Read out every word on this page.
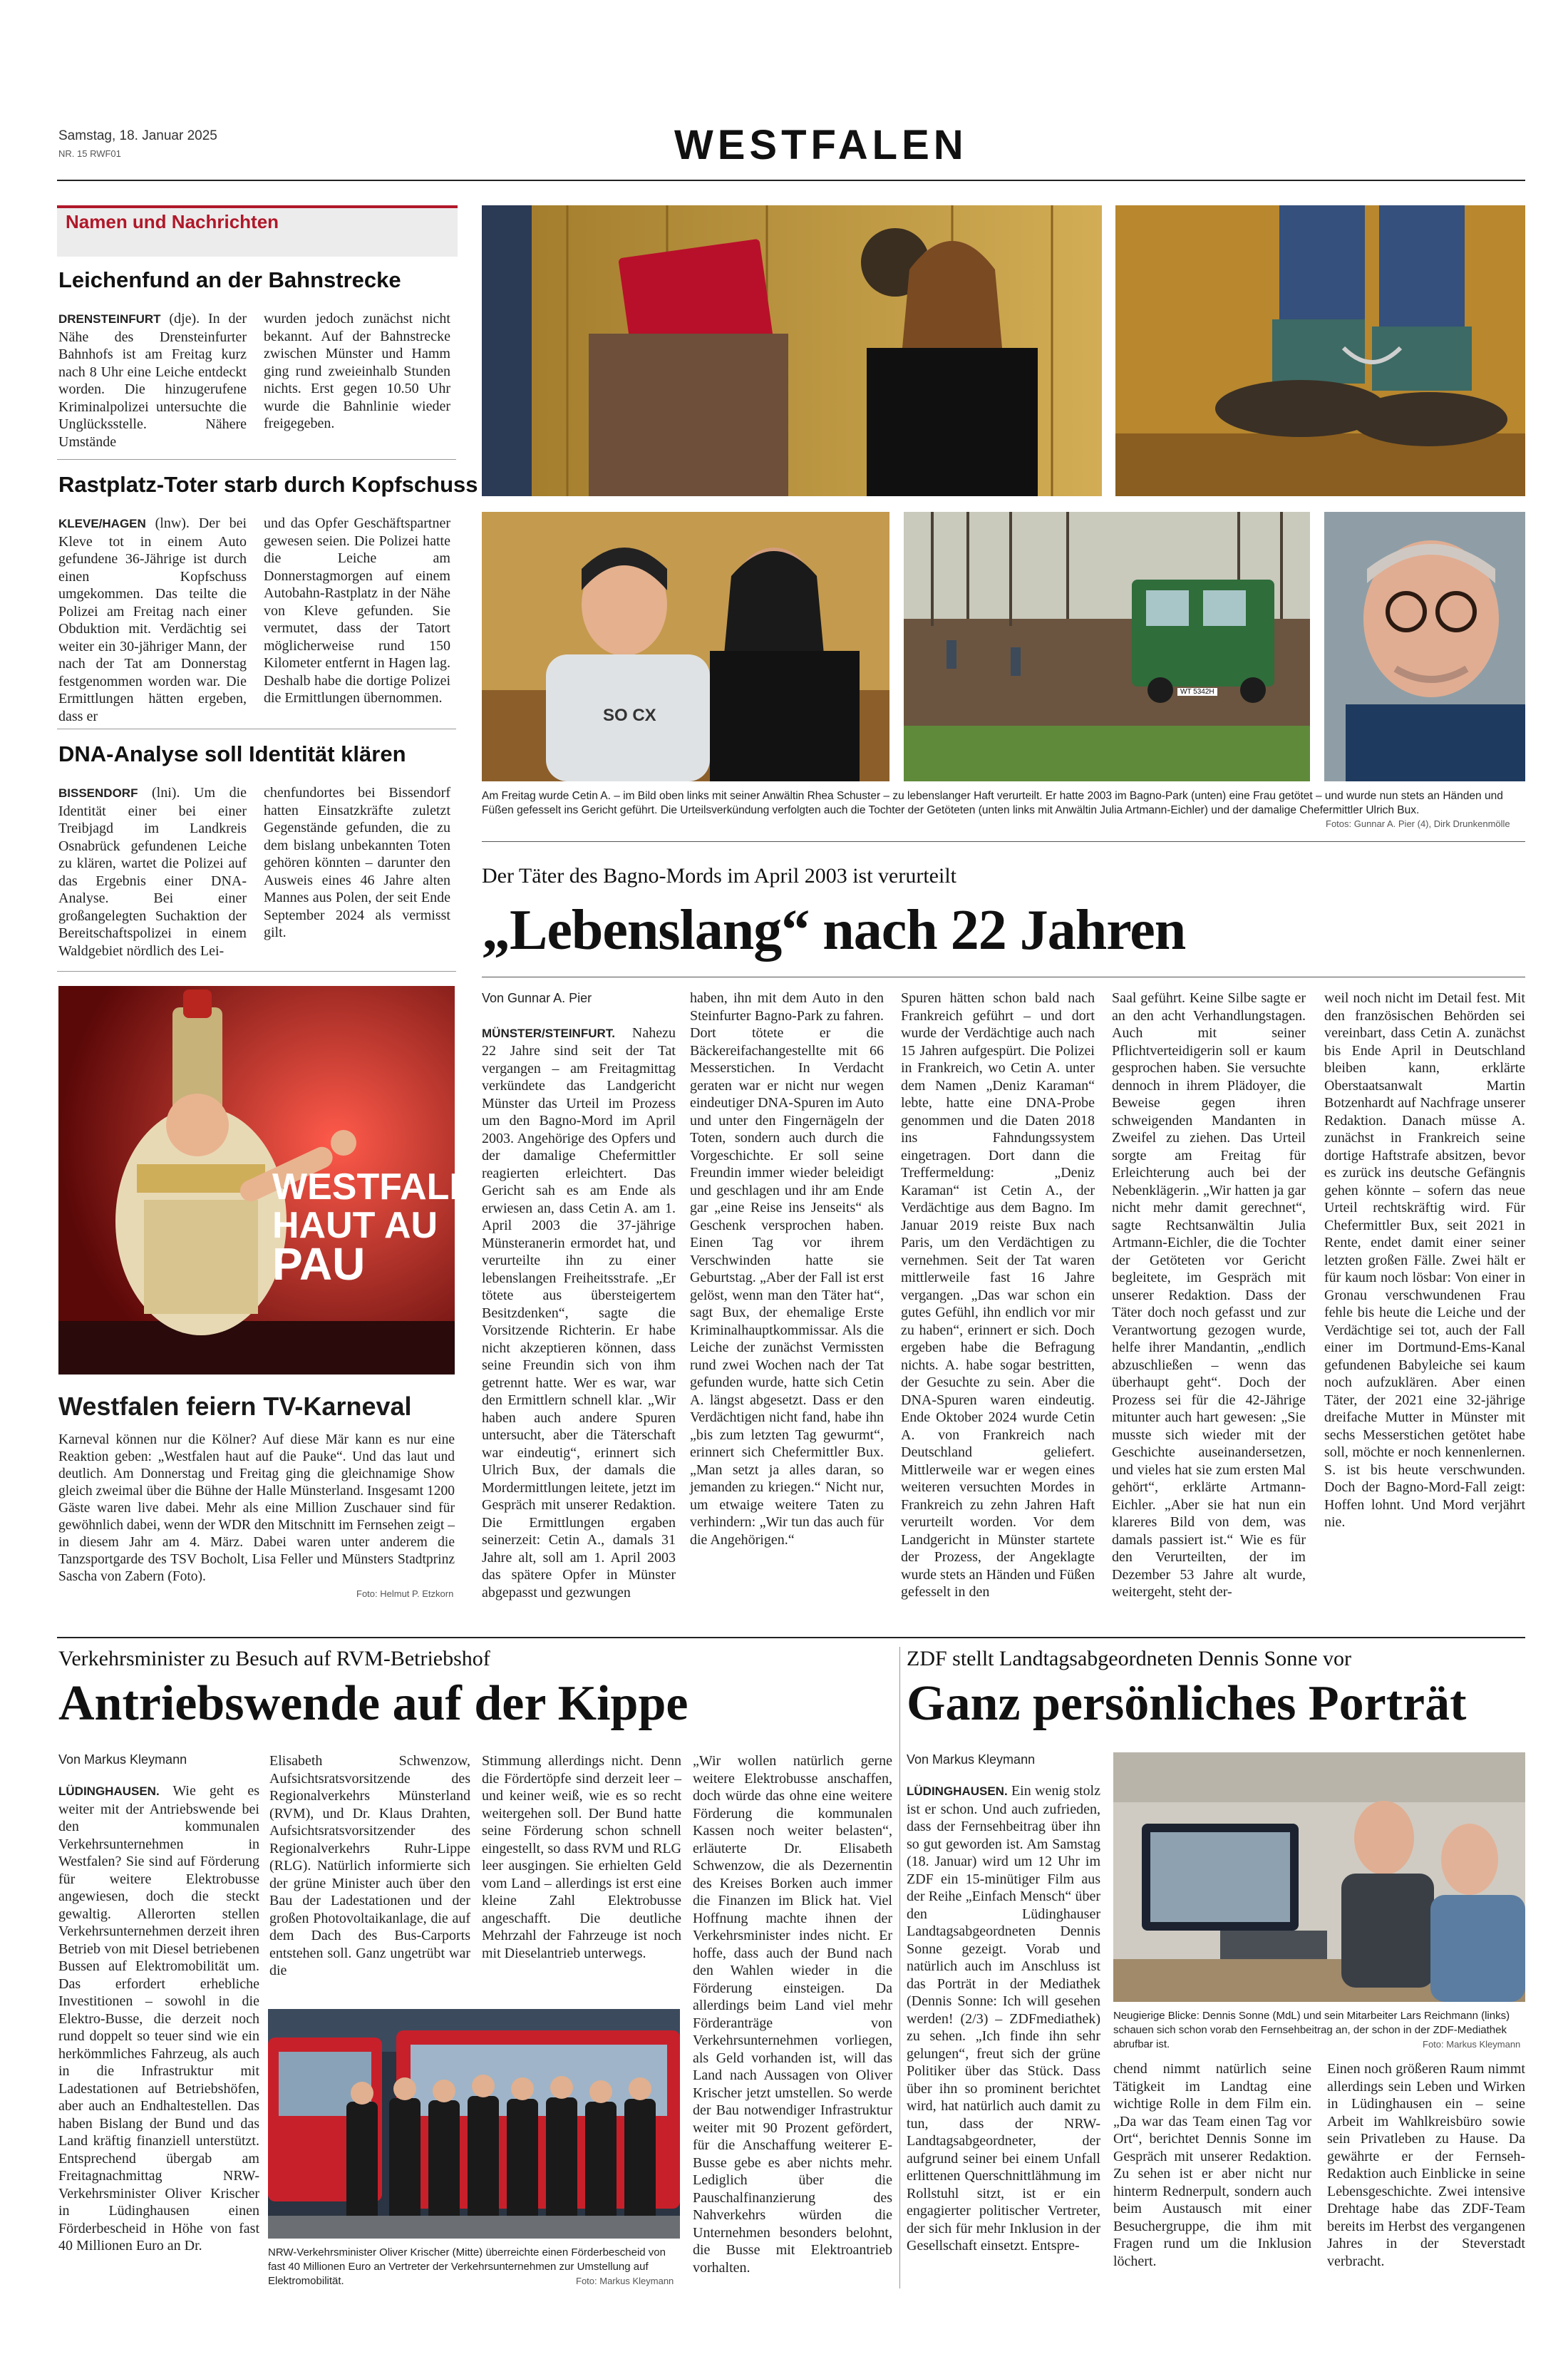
Samstag, 18. Januar 2025
NR. 15 RWF01	WESTFALEN
Namen und Nachrichten
Leichenfund an der Bahnstrecke
DRENSTEINFURT (dje). In der Nähe des Drensteinfurter Bahnhofs ist am Freitag kurz nach 8 Uhr eine Leiche entdeckt worden. Die hinzugerufene Kriminalpolizei untersuchte die Unglücksstelle. Nähere Umstände
wurden jedoch zunächst nicht bekannt. Auf der Bahnstrecke zwischen Münster und Hamm ging rund zweieinhalb Stunden nichts. Erst gegen 10.50 Uhr wurde die Bahnlinie wieder freigegeben.
Rastplatz-Toter starb durch Kopfschuss
KLEVE/HAGEN (lnw). Der bei Kleve tot in einem Auto gefundene 36-Jährige ist durch einen Kopfschuss umgekommen. Das teilte die Polizei am Freitag nach einer Obduktion mit. Verdächtig sei weiter ein 30-jähriger Mann, der nach der Tat am Donnerstag festgenommen worden war. Die Ermittlungen hätten ergeben, dass er
und das Opfer Geschäftspartner gewesen seien. Die Polizei hatte die Leiche am Donnerstagmorgen auf einem Autobahn-Rastplatz in der Nähe von Kleve gefunden. Sie vermutet, dass der Tatort möglicherweise rund 150 Kilometer entfernt in Hagen lag. Deshalb habe die dortige Polizei die Ermittlungen übernommen.
DNA-Analyse soll Identität klären
BISSENDORF (lni). Um die Identität einer bei einer Treibjagd im Landkreis Osnabrück gefundenen Leiche zu klären, wartet die Polizei auf das Ergebnis einer DNA-Analyse. Bei einer großangelegten Suchaktion der Bereitschaftspolizei in einem Waldgebiet nördlich des Lei-
chenfundortes bei Bissendorf hatten Einsatzkräfte zuletzt Gegenstände gefunden, die zu dem bislang unbekannten Toten gehören könnten – darunter den Ausweis eines 46 Jahre alten Mannes aus Polen, der seit Ende September 2024 als vermisst gilt.
WESTFALEN
HAUT AU
PAU
Westfalen feiern TV-Karneval
Karneval können nur die Kölner? Auf diese Mär kann es nur eine Reaktion geben: „Westfalen haut auf die Pauke“. Und das laut und deutlich. Am Donnerstag und Freitag ging die gleichnamige Show gleich zweimal über die Bühne der Halle Münsterland. Insgesamt 1200 Gäste waren live dabei. Mehr als eine Million Zuschauer sind für gewöhnlich dabei, wenn der WDR den Mitschnitt im Fernsehen zeigt – in diesem Jahr am 4. März. Dabei waren unter anderem die Tanzsportgarde des TSV Bocholt, Lisa Feller und Münsters Stadtprinz Sascha von Zabern (Foto).
Foto: Helmut P. Etzkorn
SO CX
WT 5342H
Am Freitag wurde Cetin A. – im Bild oben links mit seiner Anwältin Rhea Schuster – zu lebenslanger Haft verurteilt. Er hatte 2003 im Bagno-Park (unten) eine Frau getötet – und wurde nun stets an Händen und Füßen gefesselt ins Gericht geführt. Die Urteilsverkündung verfolgten auch die Tochter der Getöteten (unten links mit Anwältin Julia Artmann-Eichler) und der damalige Chefermittler Ulrich Bux.
Fotos: Gunnar A. Pier (4), Dirk Drunkenmölle
Der Täter des Bagno-Mords im April 2003 ist verurteilt
„Lebenslang“ nach 22 Jahren
Von Gunnar A. Pier
MÜNSTER/STEINFURT. Nahezu 22 Jahre sind seit der Tat vergangen – am Freitagmittag verkündete das Landgericht Münster das Urteil im Prozess um den Bagno-Mord im April 2003. Angehörige des Opfers und der damalige Chefermittler reagierten erleichtert. Das Gericht sah es am Ende als erwiesen an, dass Cetin A. am 1. April 2003 die 37-jährige Münsteranerin ermordet hat, und verurteilte ihn zu einer lebenslangen Freiheitsstrafe. „Er tötete aus übersteigertem Besitzdenken“, sagte die Vorsitzende Richterin. Er habe nicht akzeptieren können, dass seine Freundin sich von ihm getrennt hatte. Wer es war, war den Ermittlern schnell klar. „Wir haben auch andere Spuren untersucht, aber die Täterschaft war eindeutig“, erinnert sich Ulrich Bux, der damals die Mordermittlungen leitete, jetzt im Gespräch mit unserer Redaktion. Die Ermittlungen ergaben seinerzeit: Cetin A., damals 31 Jahre alt, soll am 1. April 2003 das spätere Opfer in Münster abgepasst und gezwungen
haben, ihn mit dem Auto in den Steinfurter Bagno-Park zu fahren. Dort tötete er die Bäckereifachangestellte mit 66 Messerstichen. In Verdacht geraten war er nicht nur wegen eindeutiger DNA-Spuren im Auto und unter den Fingernägeln der Toten, sondern auch durch die Vorgeschichte. Er soll seine Freundin immer wieder beleidigt und geschlagen und ihr am Ende gar „eine Reise ins Jenseits“ als Geschenk versprochen haben. Einen Tag vor ihrem Verschwinden hatte sie Geburtstag. „Aber der Fall ist erst gelöst, wenn man den Täter hat“, sagt Bux, der ehemalige Erste Kriminalhauptkommissar. Als die Leiche der zunächst Vermissten rund zwei Wochen nach der Tat gefunden wurde, hatte sich Cetin A. längst abgesetzt. Dass er den Verdächtigen nicht fand, habe ihn „bis zum letzten Tag gewurmt“, erinnert sich Chefermittler Bux. „Man setzt ja alles daran, so jemanden zu kriegen.“ Nicht nur, um etwaige weitere Taten zu verhindern: „Wir tun das auch für die Angehörigen.“
Spuren hätten schon bald nach Frankreich geführt – und dort wurde der Verdächtige auch nach 15 Jahren aufgespürt. Die Polizei in Frankreich, wo Cetin A. unter dem Namen „Deniz Karaman“ lebte, hatte eine DNA-Probe genommen und die Daten 2018 ins Fahndungssystem eingetragen. Dort dann die Treffermeldung: „Deniz Karaman“ ist Cetin A., der Verdächtige aus dem Bagno. Im Januar 2019 reiste Bux nach Paris, um den Verdächtigen zu vernehmen. Seit der Tat waren mittlerweile fast 16 Jahre vergangen. „Das war schon ein gutes Gefühl, ihn endlich vor mir zu haben“, erinnert er sich. Doch ergeben habe die Befragung nichts. A. habe sogar bestritten, der Gesuchte zu sein. Aber die DNA-Spuren waren eindeutig. Ende Oktober 2024 wurde Cetin A. von Frankreich nach Deutschland geliefert. Mittlerweile war er wegen eines weiteren versuchten Mordes in Frankreich zu zehn Jahren Haft verurteilt worden. Vor dem Landgericht in Münster startete der Prozess, der Angeklagte wurde stets an Händen und Füßen gefesselt in den
Saal geführt. Keine Silbe sagte er an den acht Verhandlungstagen. Auch mit seiner Pflichtverteidigerin soll er kaum gesprochen haben. Sie versuchte dennoch in ihrem Plädoyer, die Beweise gegen ihren schweigenden Mandanten in Zweifel zu ziehen. Das Urteil sorgte am Freitag für Erleichterung auch bei der Nebenklägerin. „Wir hatten ja gar nicht mehr damit gerechnet“, sagte Rechtsanwältin Julia Artmann-Eichler, die die Tochter der Getöteten vor Gericht begleitete, im Gespräch mit unserer Redaktion. Dass der Täter doch noch gefasst und zur Verantwortung gezogen wurde, helfe ihrer Mandantin, „endlich abzuschließen – wenn das überhaupt geht“. Doch der Prozess sei für die 42-Jährige mitunter auch hart gewesen: „Sie musste sich wieder mit der Geschichte auseinandersetzen, und vieles hat sie zum ersten Mal gehört“, erklärte Artmann-Eichler. „Aber sie hat nun ein klareres Bild von dem, was damals passiert ist.“ Wie es für den Verurteilten, der im Dezember 53 Jahre alt wurde, weitergeht, steht der-
weil noch nicht im Detail fest. Mit den französischen Behörden sei vereinbart, dass Cetin A. zunächst bis Ende April in Deutschland bleiben kann, erklärte Oberstaatsanwalt Martin Botzenhardt auf Nachfrage unserer Redaktion. Danach müsse A. zunächst in Frankreich seine dortige Haftstrafe absitzen, bevor es zurück ins deutsche Gefängnis gehen könnte – sofern das neue Urteil rechtskräftig wird. Für Chefermittler Bux, seit 2021 in Rente, endet damit einer seiner letzten großen Fälle. Zwei hält er für kaum noch lösbar: Von einer in Gronau verschwundenen Frau fehle bis heute die Leiche und der Verdächtige sei tot, auch der Fall einer im Dortmund-Ems-Kanal gefundenen Babyleiche sei kaum noch aufzuklären. Aber einen Täter, der 2021 eine 32-jährige dreifache Mutter in Münster mit sechs Messerstichen getötet habe soll, möchte er noch kennenlernen. S. ist bis heute verschwunden. Doch der Bagno-Mord-Fall zeigt: Hoffen lohnt. Und Mord verjährt nie.
Verkehrsminister zu Besuch auf RVM-Betriebshof
Antriebswende auf der Kippe
Von Markus Kleymann
LÜDINGHAUSEN. Wie geht es weiter mit der Antriebswende bei den kommunalen Verkehrsunternehmen in Westfalen? Sie sind auf Förderung für weitere Elektrobusse angewiesen, doch die steckt gewaltig. Allerorten stellen Verkehrsunternehmen derzeit ihren Betrieb von mit Diesel betriebenen Bussen auf Elektromobilität um. Das erfordert erhebliche Investitionen – sowohl in die Elektro-Busse, die derzeit noch rund doppelt so teuer sind wie ein herkömmliches Fahrzeug, als auch in die Infrastruktur mit Ladestationen auf Betriebshöfen, aber auch an Endhaltestellen. Das haben Bislang der Bund und das Land kräftig finanziell unterstützt. Entsprechend übergab am Freitagnachmittag NRW-Verkehrsminister Oliver Krischer in Lüdinghausen einen Förderbescheid in Höhe von fast 40 Millionen Euro an Dr.
Elisabeth Schwenzow, Aufsichtsratsvorsitzende des Regionalverkehrs Münsterland (RVM), und Dr. Klaus Drahten, Aufsichtsratsvorsitzender des Regionalverkehrs Ruhr-Lippe (RLG). Natürlich informierte sich der grüne Minister auch über den Bau der Ladestationen und der großen Photovoltaikanlage, die auf dem Dach des Bus-Carports entstehen soll. Ganz ungetrübt war die
Stimmung allerdings nicht. Denn die Fördertöpfe sind derzeit leer – und keiner weiß, wie es so recht weitergehen soll. Der Bund hatte seine Förderung schon schnell eingestellt, so dass RVM und RLG leer ausgingen. Sie erhielten Geld vom Land – allerdings ist erst eine kleine Zahl Elektrobusse angeschafft. Die deutliche Mehrzahl der Fahrzeuge ist noch mit Dieselantrieb unterwegs.
„Wir wollen natürlich gerne weitere Elektrobusse anschaffen, doch würde das ohne eine weitere Förderung die kommunalen Kassen noch weiter belasten“, erläuterte Dr. Elisabeth Schwenzow, die als Dezernentin des Kreises Borken auch immer die Finanzen im Blick hat. Viel Hoffnung machte ihnen der Verkehrsminister indes nicht. Er hoffe, dass auch der Bund nach den Wahlen wieder in die Förderung einsteigen. Da allerdings beim Land viel mehr Förderanträge von Verkehrsunternehmen vorliegen, als Geld vorhanden ist, will das Land nach Aussagen von Oliver Krischer jetzt umstellen. So werde der Bau notwendiger Infrastruktur weiter mit 90 Prozent gefördert, für die Anschaffung weiterer E-Busse gebe es aber nichts mehr. Lediglich über die Pauschalfinanzierung des Nahverkehrs würden die Unternehmen besonders belohnt, die Busse mit Elektroantrieb vorhalten.
NRW-Verkehrsminister Oliver Krischer (Mitte) überreichte einen Förderbescheid von fast 40 Millionen Euro an Vertreter der Verkehrsunternehmen zur Umstellung auf Elektromobilität.	Foto: Markus Kleymann
ZDF stellt Landtagsabgeordneten Dennis Sonne vor
Ganz persönliches Porträt
Von Markus Kleymann
LÜDINGHAUSEN. Ein wenig stolz ist er schon. Und auch zufrieden, dass der Fernsehbeitrag über ihn so gut geworden ist. Am Samstag (18. Januar) wird um 12 Uhr im ZDF ein 15-minütiger Film aus der Reihe „Einfach Mensch“ über den Lüdinghauser Landtagsabgeordneten Dennis Sonne gezeigt. Vorab und natürlich auch im Anschluss ist das Porträt in der Mediathek (Dennis Sonne: Ich will gesehen werden! (2/3) – ZDFmediathek) zu sehen. „Ich finde ihn sehr gelungen“, freut sich der grüne Politiker über das Stück. Dass über ihn so prominent berichtet wird, hat natürlich auch damit zu tun, dass der NRW-Landtagsabgeordneter, der aufgrund seiner bei einem Unfall erlittenen Querschnittlähmung im Rollstuhl sitzt, ist er ein engagierter politischer Vertreter, der sich für mehr Inklusion in der Gesellschaft einsetzt. Entspre-
Neugierige Blicke: Dennis Sonne (MdL) und sein Mitarbeiter Lars Reichmann (links) schauen sich schon vorab den Fernsehbeitrag an, der schon in der ZDF-Mediathek abrufbar ist.	Foto: Markus Kleymann
chend nimmt natürlich seine Tätigkeit im Landtag eine wichtige Rolle in dem Film ein. „Da war das Team einen Tag vor Ort“, berichtet Dennis Sonne im Gespräch mit unserer Redaktion. Zu sehen ist er aber nicht nur hinterm Rednerpult, sondern auch beim Austausch mit einer Besuchergruppe, die ihm mit Fragen rund um die Inklusion löchert.
Einen noch größeren Raum nimmt allerdings sein Leben und Wirken in Lüdinghausen ein – seine Arbeit im Wahlkreisbüro sowie sein Privatleben zu Hause. Da gewährte er der Fernseh-Redaktion auch Einblicke in seine Lebensgeschichte. Zwei intensive Drehtage habe das ZDF-Team bereits im Herbst des vergangenen Jahres in der Steverstadt verbracht.
